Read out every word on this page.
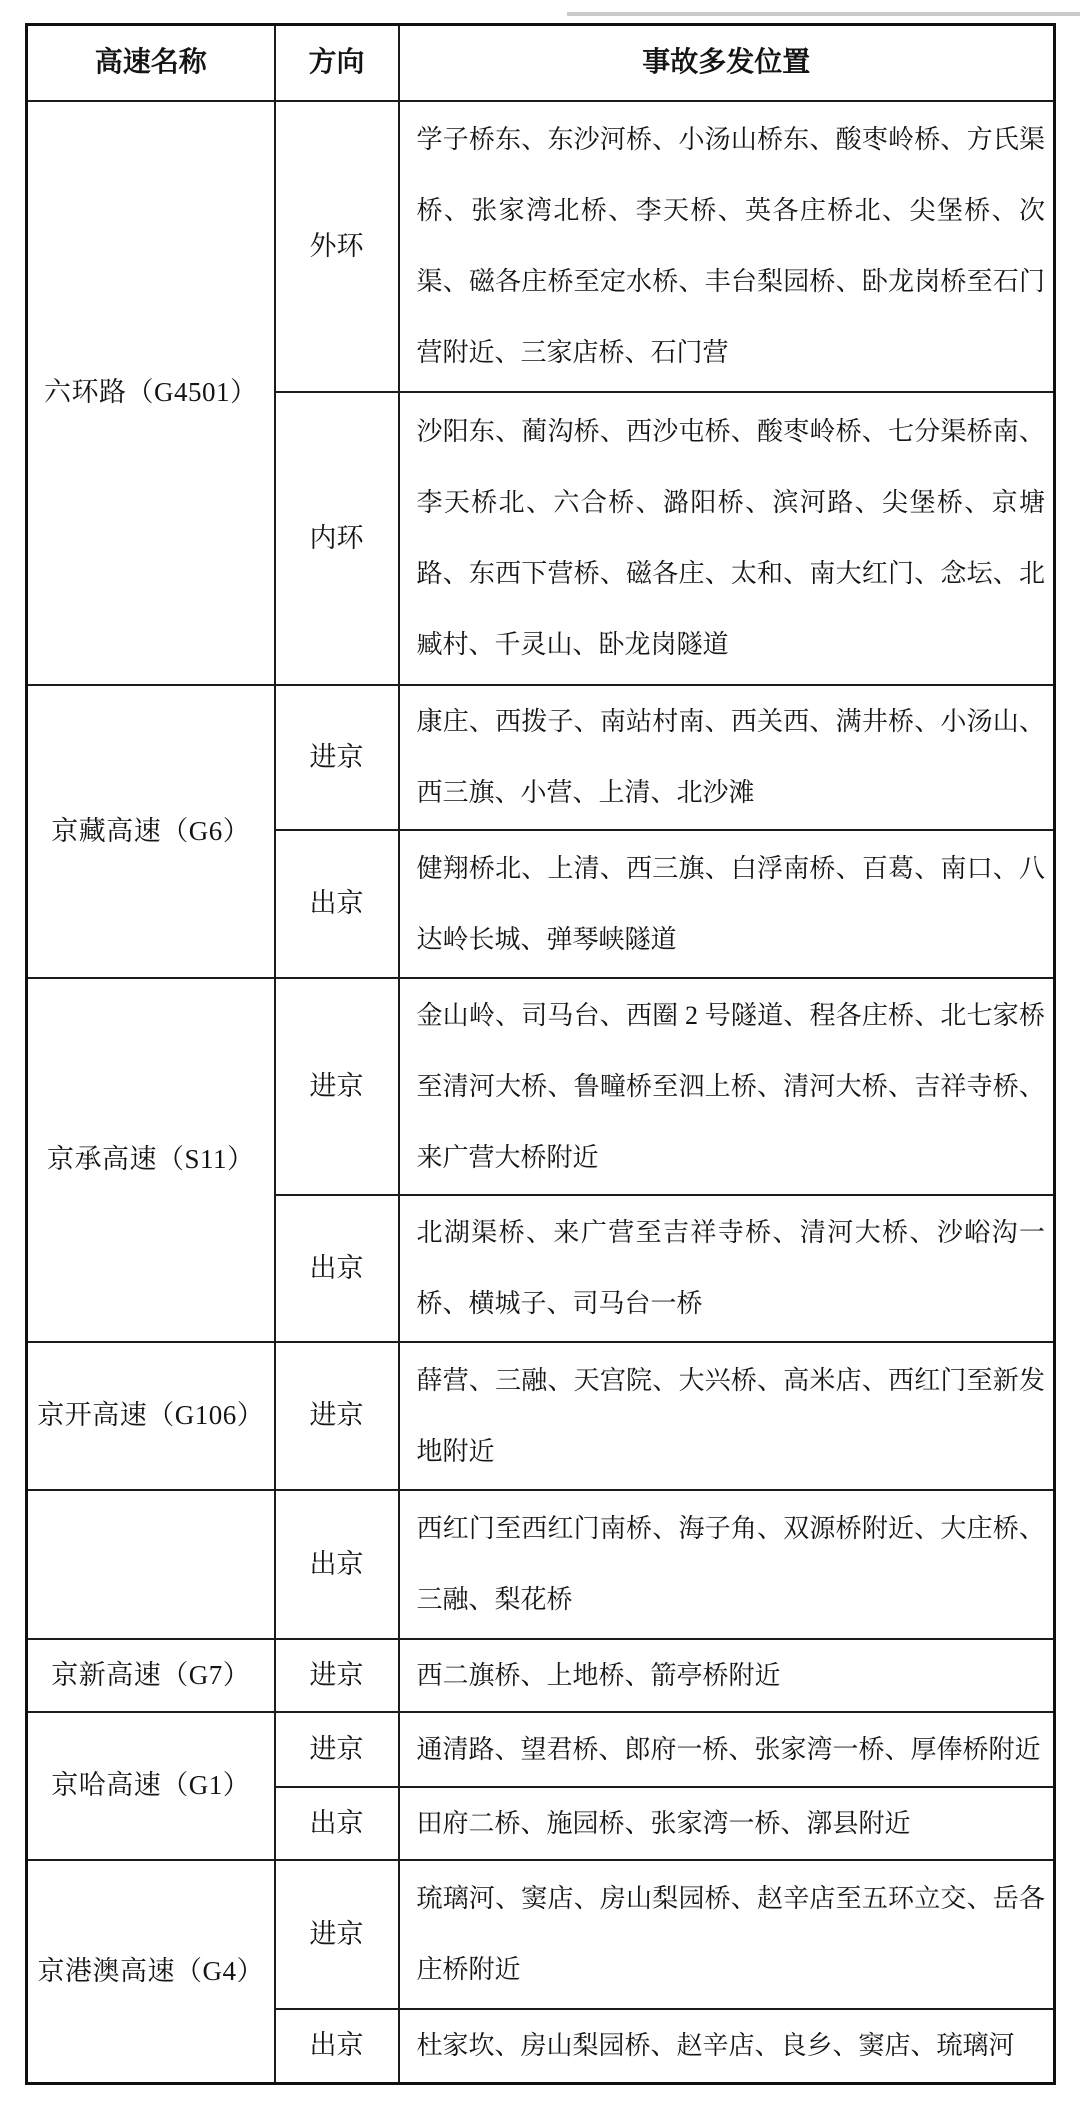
高速名称	方向	事故多发位置
六环路（G4501）	外环	学子桥东、东沙河桥、小汤山桥东、酸枣岭桥、方氏渠桥、张家湾北桥、李天桥、英各庄桥北、尖堡桥、次渠、磁各庄桥至定水桥、丰台梨园桥、卧龙岗桥至石门营附近、三家店桥、石门营
	内环	沙阳东、蔺沟桥、西沙屯桥、酸枣岭桥、七分渠桥南、李天桥北、六合桥、潞阳桥、滨河路、尖堡桥、京塘路、东西下营桥、磁各庄、太和、南大红门、念坛、北臧村、千灵山、卧龙岗隧道
京藏高速（G6）	进京	康庄、西拨子、南站村南、西关西、满井桥、小汤山、西三旗、小营、上清、北沙滩
	出京	健翔桥北、上清、西三旗、白浮南桥、百葛、南口、八达岭长城、弹琴峡隧道
京承高速（S11）	进京	金山岭、司马台、西圈 2 号隧道、程各庄桥、北七家桥至清河大桥、鲁疃桥至泗上桥、清河大桥、吉祥寺桥、来广营大桥附近
	出京	北湖渠桥、来广营至吉祥寺桥、清河大桥、沙峪沟一桥、横城子、司马台一桥
京开高速（G106）	进京	薛营、三融、天宫院、大兴桥、高米店、西红门至新发地附近
	出京	西红门至西红门南桥、海子角、双源桥附近、大庄桥、三融、梨花桥
京新高速（G7）	进京	西二旗桥、上地桥、箭亭桥附近
京哈高速（G1）	进京	通清路、望君桥、郎府一桥、张家湾一桥、厚俸桥附近
	出京	田府二桥、施园桥、张家湾一桥、漷县附近
京港澳高速（G4）	进京	琉璃河、窦店、房山梨园桥、赵辛店至五环立交、岳各庄桥附近
	出京	杜家坎、房山梨园桥、赵辛店、良乡、窦店、琉璃河
